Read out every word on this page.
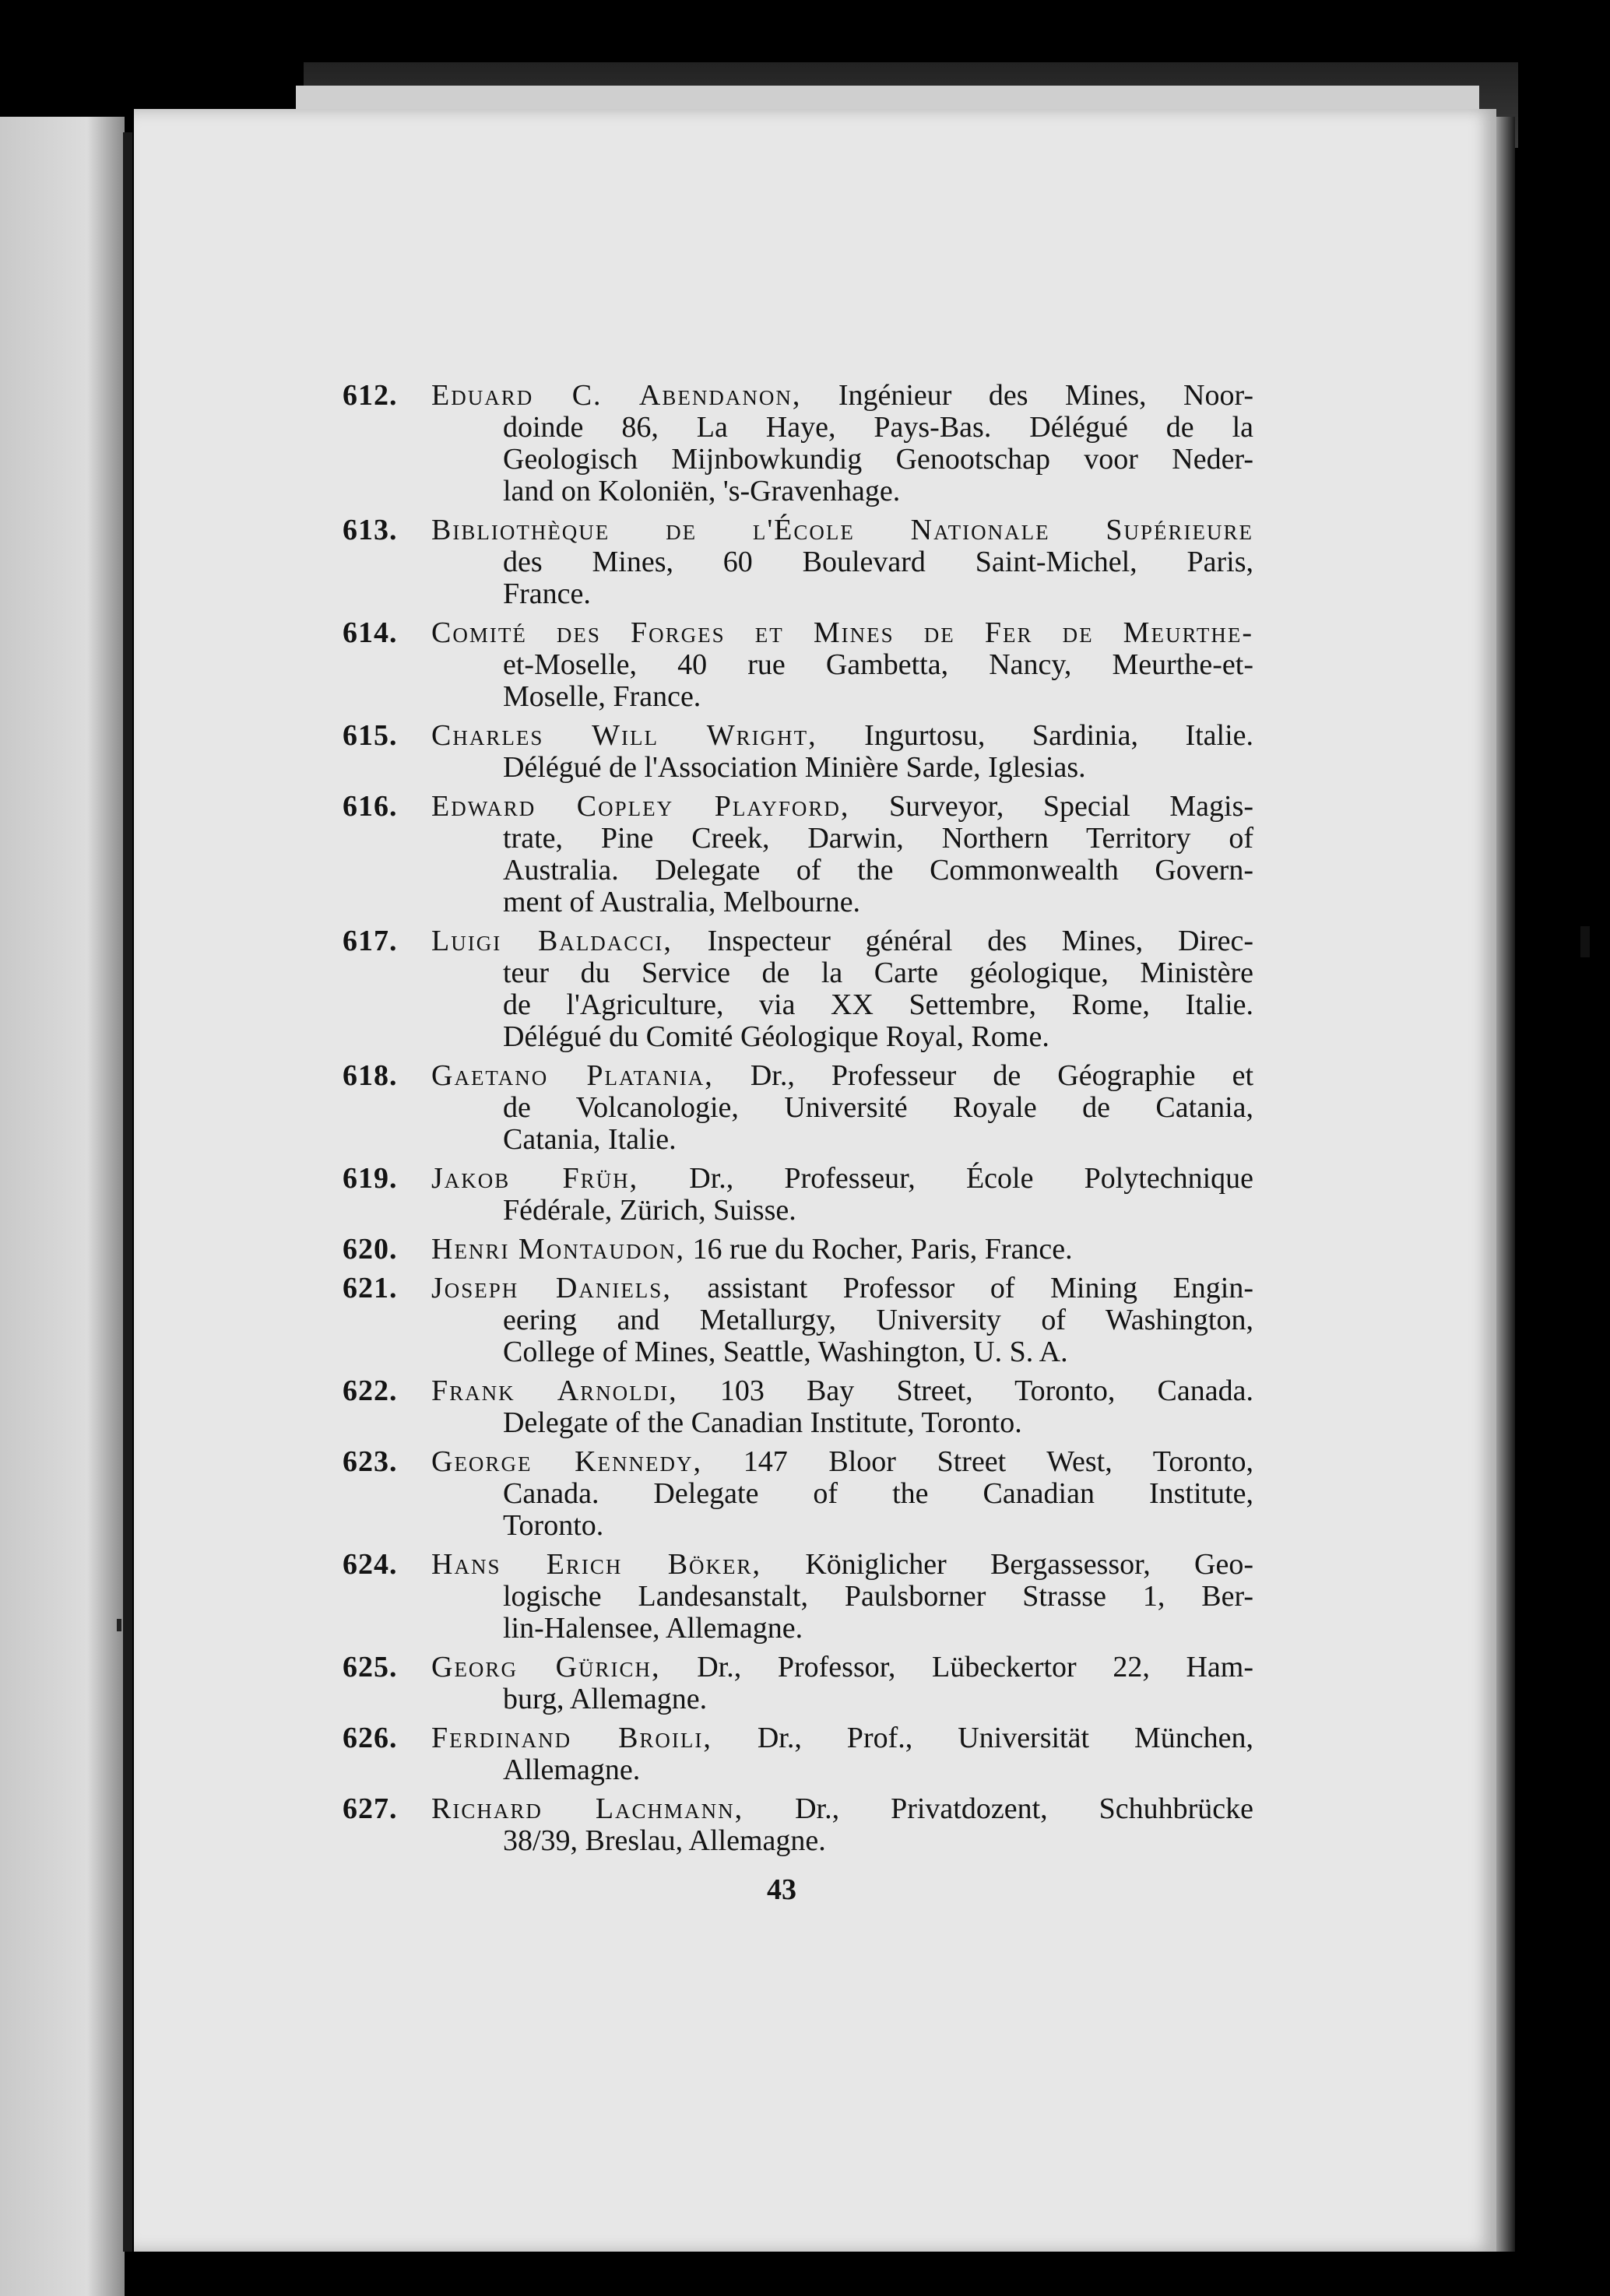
612.	Eduard C. Abendanon, Ingénieur des Mines, Noor-
doinde 86, La Haye, Pays-Bas. Délégué de la
Geologisch Mijnbowkundig Genootschap voor Neder-
land on Koloniën, 's-Gravenhage.
613.	Bibliothèque de l'École Nationale Supérieure
des Mines, 60 Boulevard Saint-Michel, Paris,
France.
614.	Comité des Forges et Mines de Fer de Meurthe-
et-Moselle, 40 rue Gambetta, Nancy, Meurthe-et-
Moselle, France.
615.	Charles Will Wright, Ingurtosu, Sardinia, Italie.
Délégué de l'Association Minière Sarde, Iglesias.
616.	Edward Copley Playford, Surveyor, Special Magis-
trate, Pine Creek, Darwin, Northern Territory of
Australia. Delegate of the Commonwealth Govern-
ment of Australia, Melbourne.
617.	Luigi Baldacci, Inspecteur général des Mines, Direc-
teur du Service de la Carte géologique, Ministère
de l'Agriculture, via XX Settembre, Rome, Italie.
Délégué du Comité Géologique Royal, Rome.
618.	Gaetano Platania, Dr., Professeur de Géographie et
de Volcanologie, Université Royale de Catania,
Catania, Italie.
619.	Jakob Früh, Dr., Professeur, École Polytechnique
Fédérale, Zürich, Suisse.
620.	Henri Montaudon, 16 rue du Rocher, Paris, France.
621.	Joseph Daniels, assistant Professor of Mining Engin-
eering and Metallurgy, University of Washington,
College of Mines, Seattle, Washington, U. S. A.
622.	Frank Arnoldi, 103 Bay Street, Toronto, Canada.
Delegate of the Canadian Institute, Toronto.
623.	George Kennedy, 147 Bloor Street West, Toronto,
Canada. Delegate of the Canadian Institute,
Toronto.
624.	Hans Erich Böker, Königlicher Bergassessor, Geo-
logische Landesanstalt, Paulsborner Strasse 1, Ber-
lin-Halensee, Allemagne.
625.	Georg Gürich, Dr., Professor, Lübeckertor 22, Ham-
burg, Allemagne.
626.	Ferdinand Broili, Dr., Prof., Universität München,
Allemagne.
627.	Richard Lachmann, Dr., Privatdozent, Schuhbrücke
38/39, Breslau, Allemagne.
43
